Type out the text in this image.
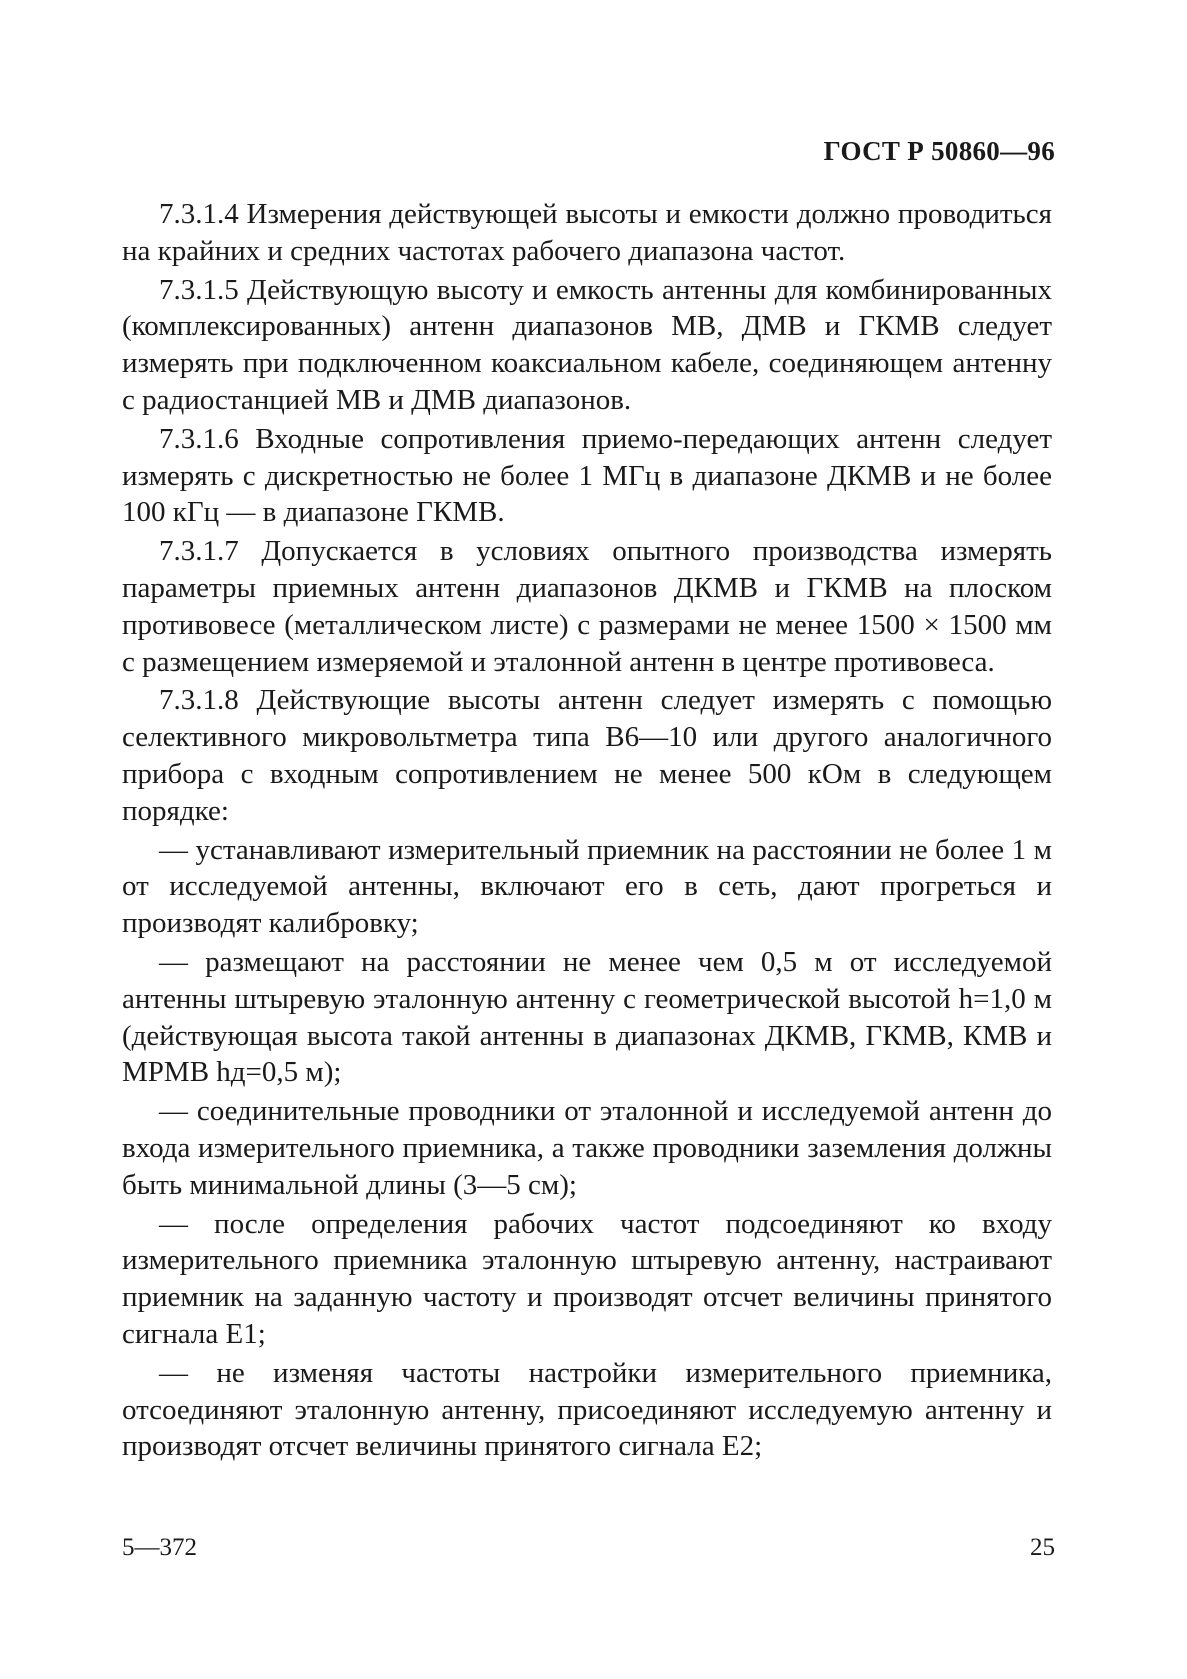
ГОСТ Р 50860—96

7.3.1.4 Измерения действующей высоты и емкости должно проводиться на крайних и средних частотах рабочего диапазона частот.

7.3.1.5 Действующую высоту и емкость антенны для комбинированных (комплексированных) антенн диапазонов МВ, ДМВ и ГКМВ следует измерять при подключенном коаксиальном кабеле, соединяющем антенну с радиостанцией МВ и ДМВ диапазонов.

7.3.1.6 Входные сопротивления приемо-передающих антенн следует измерять с дискретностью не более 1 МГц в диапазоне ДКМВ и не более 100 кГц — в диапазоне ГКМВ.

7.3.1.7 Допускается в условиях опытного производства измерять параметры приемных антенн диапазонов ДКМВ и ГКМВ на плоском противовесе (металлическом листе) с размерами не менее 1500 × 1500 мм с размещением измеряемой и эталонной антенн в центре противовеса.

7.3.1.8 Действующие высоты антенн следует измерять с помощью селективного микровольтметра типа В6—10 или другого аналогичного прибора с входным сопротивлением не менее 500 кОм в следующем порядке:

— устанавливают измерительный приемник на расстоянии не более 1 м от исследуемой антенны, включают его в сеть, дают прогреться и производят калибровку;

— размещают на расстоянии не менее чем 0,5 м от исследуемой антенны штыревую эталонную антенну с геометрической высотой h=1,0 м (действующая высота такой антенны в диапазонах ДКМВ, ГКМВ, КМВ и МРМВ hд=0,5 м);

— соединительные проводники от эталонной и исследуемой антенн до входа измерительного приемника, а также проводники заземления должны быть минимальной длины (3—5 см);

— после определения рабочих частот подсоединяют ко входу измерительного приемника эталонную штыревую антенну, настраивают приемник на заданную частоту и производят отсчет величины принятого сигнала E1;

— не изменяя частоты настройки измерительного приемника, отсоединяют эталонную антенну, присоединяют исследуемую антенну и производят отсчет величины принятого сигнала E2;

5—372	25
